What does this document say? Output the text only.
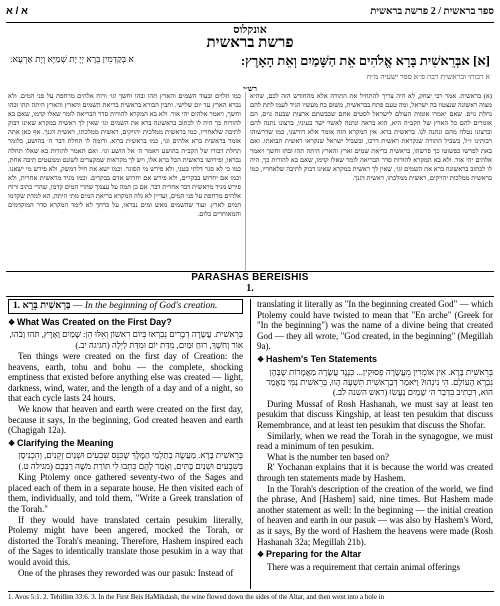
א / א	ספר בראשית / 2 פרשת בראשית
אונקלוס
פרשת בראשית
[א] אבְּרֵאשִׁית בָּרָא אֱלֹהִים אֵת הַשָּׁמַיִם וְאֵת הָאָרֶץ:
א בְּקַדְמִין בְּרָא יְיָ יָת שְׁמַיָּא וְיָת אַרְעָא:
א רבותי ובראשית רבה פ״א ספר ישעיה מ״ח
רש״י
כמו תלוים ובעוד השמים והארץ תהו ובהו וחשך וגו׳ ורוח אלהים מרחפת על פני המים. ולא נברא הארץ עד יום שלישי. ותבין הבורא בראשית בריאת השמים והארץ והארץ היתה תהו ובהו וחשך, ויאמר אלהים יהי אור. ולא בא המקרא להורות סדר הבריאה לומר שאלו קדמו, שאם בא להורות כך היה לו לכתוב בראשונה ברא את השמים וגו׳ שאין לך ראשית במקרא שאינו דבוק לתיבה שלאחריו, כמו בראשית ממלכות יהויקים, ראשית ממלכתו, ראשית דגנך. אף כאן אתה אומר בראשית ברא אלהים וגו׳, כמו בראשית ברוא. ודומה לו תחלת דבר ה׳ בהושע, כלומר תחלת דבורו של הקב״ה בהושע ויאמר ה׳ אל הושע וגו׳. ואם תאמר להורות בא שאלו תחלה נבראו, ופירושו בראשית הכל ברא אלו, ויש לך מקראות שמקצרים לשונם וממעטים תיבה אחת, כמו כי לא סגר דלתי בטני, ולא פירש מי הסוגר. וכמו ישא את חיל דמשק, ולא פירש מי ישאנו. וכמו אם יחרוש בבקרים, ולא פירש אם יחרוש אדם בבקרים. וכמו מגיד מראשית אחרית, ולא פירש מגיד מראשית דבר אחרית דבר. אם כן תמה על עצמך שהרי המים קדמו, שהרי כתיב ורוח אלהים מרחפת על פני המים, ועדיין לא גלה המקרא בריאת המים מתי היתה, הא למדת שקדמו המים לארץ. ועוד שהשמים מאש ומים נבראו, על כרחך לא לימד המקרא סדר המוקדמים והמאוחרים כלום.
(א) בראשית. אמר רבי יצחק, לא היה צריך להתחיל את התורה אלא מהחודש הזה לכם, שהיא מצוה ראשונה שנצטוו בה ישראל, ומה טעם פתח בבראשית, משום כח מעשיו הגיד לעמו לתת להם נחלת גוים. שאם יאמרו אומות העולם לישראל לסטים אתם שכבשתם ארצות שבעה גוים, הם אומרים להם כל הארץ של הקב״ה היא, הוא בראה ונתנה לאשר ישר בעיניו, ברצונו נתנה להם וברצונו נטלה מהם ונתנה לנו. בראשית ברא. אין המקרא הזה אומר אלא דורשני, כמו שדרשוהו רבותינו ז״ל, בשביל התורה שנקראת ראשית דרכו, ובשביל ישראל שנקראו ראשית תבואתו. ואם באת לפרשו כפשוטו כך פרשהו, בראשית בריאת שמים וארץ והארץ היתה תהו ובהו וחשך ויאמר אלהים יהי אור. ולא בא המקרא להורות סדר הבריאה לומר שאלו קדמו, שאם בא להורות כך, היה לו לכתוב בראשונה ברא את השמים וגו׳, שאין לך ראשית במקרא שאינו דבוק לתיבה שלאחריו, כמו בראשית ממלכות יהויקים, ראשית ממלכתו, ראשית דגנך.
PARASHAS BEREISHIS
1.
1. בְּרֵאשִׁית בָּרָא — In the beginning of God's creation.
❖ What Was Created on the First Day?
בְּרֵאשִׁית. עֲשָׂרָה דְבָרִים נִבְרְאוּ בְּיוֹם רִאשׁוֹן וְאֵלּוּ הֵן: שָׁמַיִם וָאָרֶץ, תֹּהוּ וָבֹהוּ, אוֹר וָחֹשֶׁךְ, רוּחַ וּמַיִם, מִדַּת יוֹם וּמִדַּת לַיְלָה (חגיגה יב.)

Ten things were created on the first day of Creation: the heavens, earth, tohu and bohu — the complete, shocking emptiness that existed before anything else was created — light, darkness, wind, water, and the length of a day and of a night, so that each cycle lasts 24 hours.

We know that heaven and earth were created on the first day, because it says, In the beginning, God created heaven and earth (Chagigah 12a).

❖ Clarifying the Meaning
בְּרֵאשִׁית בָּרָא. מַעֲשֶׂה בְתַלְמַי הַמֶּלֶךְ שֶׁכִּנֵּס שִׁבְעִים וּשְׁנַיִם זְקֵנִים, וְהִכְנִיסָן בְּשִׁבְעִים וּשְׁנַיִם בָּתִּים, וְאָמַר לָהֶם כִּתְבוּ לִי תּוֹרַת מֹשֶׁה רַבְּכֶם (מגילה ט.)

King Ptolemy once gathered seventy-two of the Sages and placed each of them in a separate house. He then visited each of them, individually, and told them, "Write a Greek translation of the Torah."

If they would have translated certain pesukim literally, Ptolemy might have been angered, mocked the Torah, or distorted the Torah's meaning. Therefore, Hashem inspired each of the Sages to identically translate those pesukim in a way that would avoid this.

One of the phrases they reworded was our pasuk: Instead of

translating it literally as "In the beginning created God" — which Ptolemy could have twisted to mean that "En arche" (Greek for "In the beginning") was the name of a divine being that created God — they all wrote, "God created, in the beginning" (Megillah 9a).

❖ Hashem's Ten Statements
בְּרֵאשִׁית בָּרָא. אִין אוֹמְרִין מֵעֲשָׂרָה פְסוּקִין... כְּנֶגֶד עֲשָׂרָה מַאֲמָרוֹת שֶׁבָּהֶן נִבְרָא הָעוֹלָם. הֵי נִינְהוּ? וַיֹּאמַר דְּבַרְאשִׁית תִּשְׁעָה הָווּ, בְּרֵאשִׁית נַמִּי מַאֲמָר הוּא, דִּכְתִיב בִּדְבַר ה׳ שָׁמַיִם נַעֲשׂוּ (ראש השנה לב.)

During Mussaf of Rosh Hashanah, we must say at least ten pesukim that discuss Kingship, at least ten pesukim that discuss Remembrance, and at least ten pesukim that discuss the Shofar.

Similarly, when we read the Torah in the synagogue, we must read a minimum of ten pesukim.

What is the number ten based on?

R' Yochanan explains that it is because the world was created through ten statements made by Hashem.

In the Torah's description of the creation of the world, we find the phrase, And [Hashem] said, nine times. But Hashem made another statement as well: In the beginning — the initial creation of heaven and earth in our pasuk — was also by Hashem's Word, as it says, By the word of Hashem the heavens were made (Rosh Hashanah 32a; Megillah 21b).

❖ Preparing for the Altar

There was a requirement that certain animal offerings

1. Avos 5:1. 2. Tehillim 33:6. 3. In the First Beis HaMikdash, the wine flowed down the sides of the Altar, and then went into a hole in
